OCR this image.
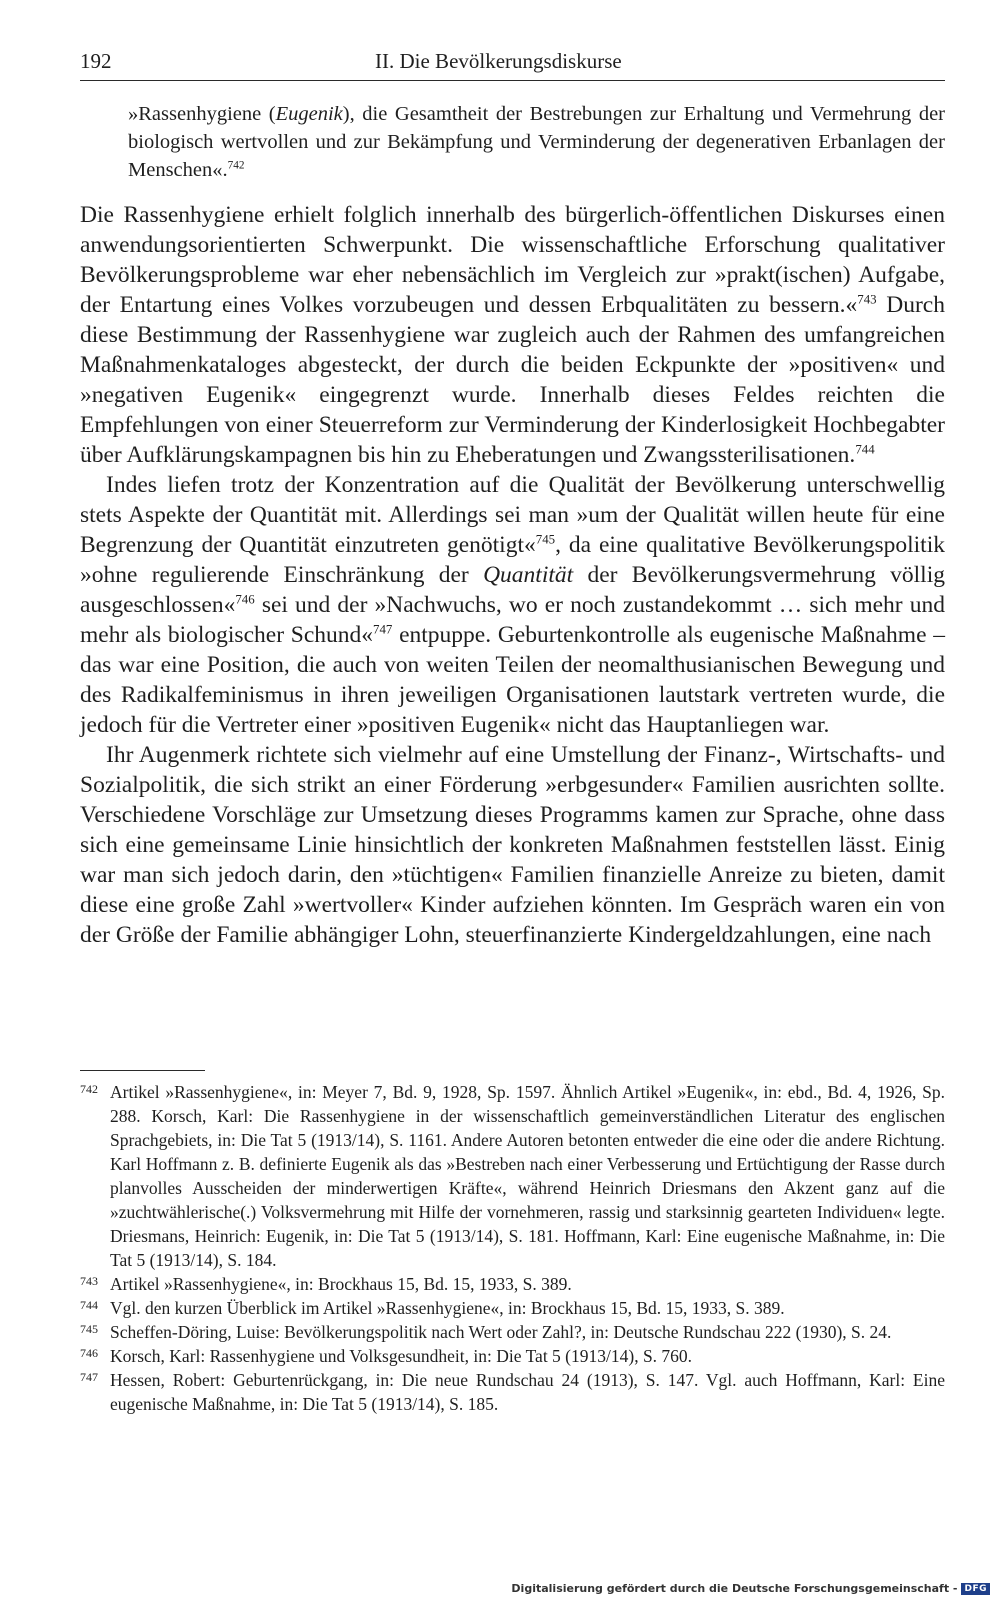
192	II. Die Bevölkerungsdiskurse

»Rassenhygiene (Eugenik), die Gesamtheit der Bestrebungen zur Erhaltung und Vermehrung der biologisch wertvollen und zur Bekämpfung und Verminderung der degenerativen Erbanlagen der Menschen«.$^{742}$

Die Rassenhygiene erhielt folglich innerhalb des bürgerlich-öffentlichen Diskurses einen anwendungsorientierten Schwerpunkt. Die wissenschaftliche Erforschung qualitativer Bevölkerungsprobleme war eher nebensächlich im Vergleich zur »prakt(ischen) Aufgabe, der Entartung eines Volkes vorzubeugen und dessen Erbqualitäten zu bessern.«$^{743}$ Durch diese Bestimmung der Rassenhygiene war zugleich auch der Rahmen des umfangreichen Maßnahmenkataloges abgesteckt, der durch die beiden Eckpunkte der »positiven« und »negativen Eugenik« eingegrenzt wurde. Innerhalb dieses Feldes reichten die Empfehlungen von einer Steuerreform zur Verminderung der Kinderlosigkeit Hochbegabter über Aufklärungskampagnen bis hin zu Eheberatungen und Zwangssterilisationen.$^{744}$

Indes liefen trotz der Konzentration auf die Qualität der Bevölkerung unterschwellig stets Aspekte der Quantität mit. Allerdings sei man »um der Qualität willen heute für eine Begrenzung der Quantität einzutreten genötigt«$^{745}$, da eine qualitative Bevölkerungspolitik »ohne regulierende Einschränkung der Quantität der Bevölkerungsvermehrung völlig ausgeschlossen«$^{746}$ sei und der »Nachwuchs, wo er noch zustandekommt … sich mehr und mehr als biologischer Schund«$^{747}$ entpuppe. Geburtenkontrolle als eugenische Maßnahme – das war eine Position, die auch von weiten Teilen der neomalthusianischen Bewegung und des Radikalfeminismus in ihren jeweiligen Organisationen lautstark vertreten wurde, die jedoch für die Vertreter einer »positiven Eugenik« nicht das Hauptanliegen war.

Ihr Augenmerk richtete sich vielmehr auf eine Umstellung der Finanz-, Wirtschafts- und Sozialpolitik, die sich strikt an einer Förderung »erbgesunder« Familien ausrichten sollte. Verschiedene Vorschläge zur Umsetzung dieses Programms kamen zur Sprache, ohne dass sich eine gemeinsame Linie hinsichtlich der konkreten Maßnahmen feststellen lässt. Einig war man sich jedoch darin, den »tüchtigen« Familien finanzielle Anreize zu bieten, damit diese eine große Zahl »wertvoller« Kinder aufziehen könnten. Im Gespräch waren ein von der Größe der Familie abhängiger Lohn, steuerfinanzierte Kindergeldzahlungen, eine nach

742 Artikel »Rassenhygiene«, in: Meyer 7, Bd. 9, 1928, Sp. 1597. Ähnlich Artikel »Eugenik«, in: ebd., Bd. 4, 1926, Sp. 288. Korsch, Karl: Die Rassenhygiene in der wissenschaftlich gemeinverständlichen Literatur des englischen Sprachgebiets, in: Die Tat 5 (1913/14), S. 1161. Andere Autoren betonten entweder die eine oder die andere Richtung. Karl Hoffmann z. B. definierte Eugenik als das »Bestreben nach einer Verbesserung und Ertüchtigung der Rasse durch planvolles Ausscheiden der minderwertigen Kräfte«, während Heinrich Driesmans den Akzent ganz auf die »zuchtwählerische(.) Volksvermehrung mit Hilfe der vornehmeren, rassig und starksinnig gearteten Individuen« legte. Driesmans, Heinrich: Eugenik, in: Die Tat 5 (1913/14), S. 181. Hoffmann, Karl: Eine eugenische Maßnahme, in: Die Tat 5 (1913/14), S. 184.
743 Artikel »Rassenhygiene«, in: Brockhaus 15, Bd. 15, 1933, S. 389.
744 Vgl. den kurzen Überblick im Artikel »Rassenhygiene«, in: Brockhaus 15, Bd. 15, 1933, S. 389.
745 Scheffen-Döring, Luise: Bevölkerungspolitik nach Wert oder Zahl?, in: Deutsche Rundschau 222 (1930), S. 24.
746 Korsch, Karl: Rassenhygiene und Volksgesundheit, in: Die Tat 5 (1913/14), S. 760.
747 Hessen, Robert: Geburtenrückgang, in: Die neue Rundschau 24 (1913), S. 147. Vgl. auch Hoffmann, Karl: Eine eugenische Maßnahme, in: Die Tat 5 (1913/14), S. 185.
Digitalisierung gefördert durch die Deutsche Forschungsgemeinschaft - DFG
